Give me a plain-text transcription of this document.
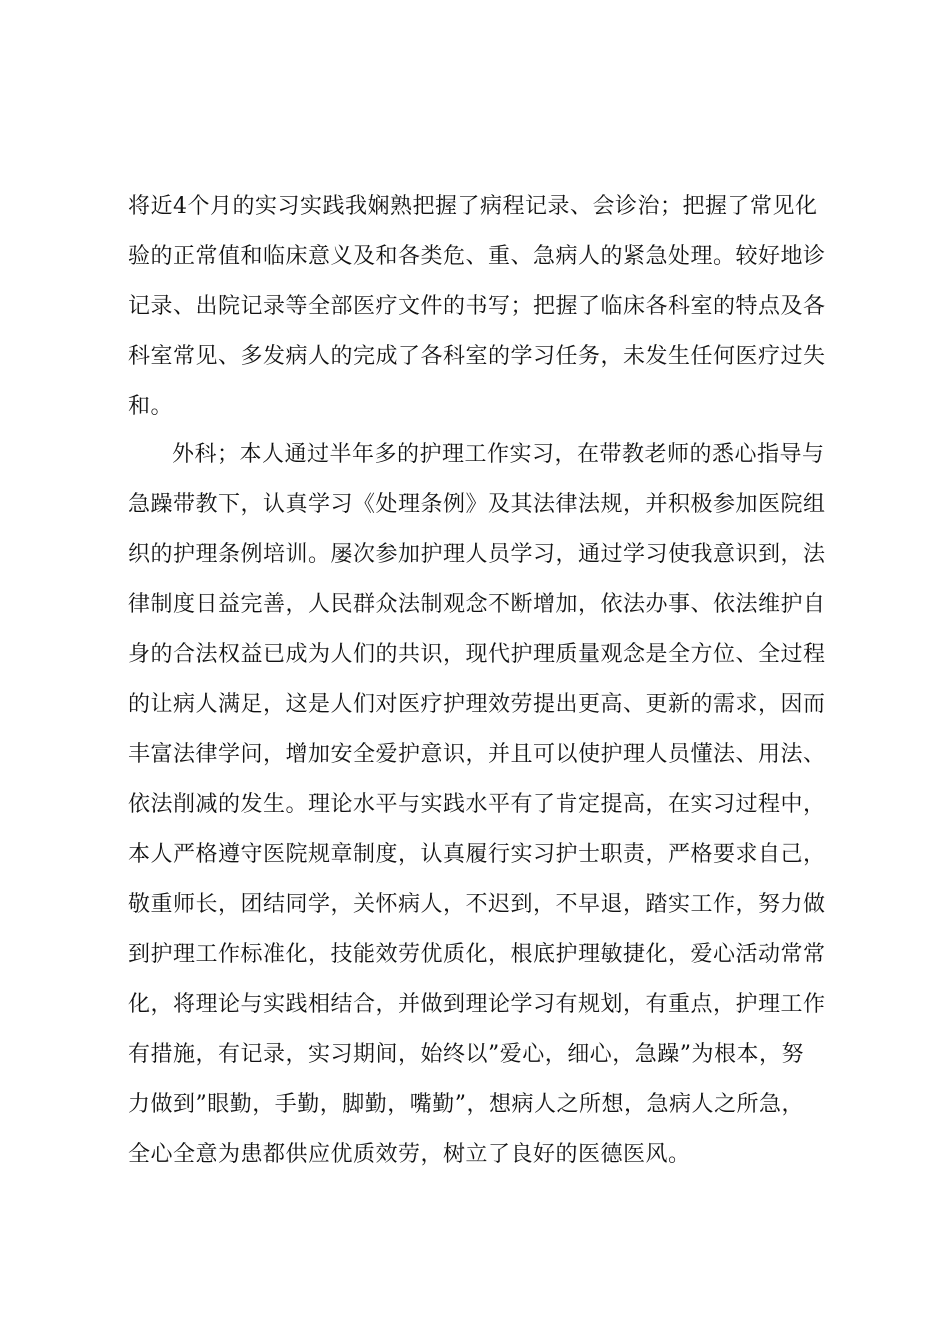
将近4个月的实习实践我娴熟把握了病程记录、会诊治；把握了常见化
验的正常值和临床意义及和各类危、重、急病人的紧急处理。较好地诊
记录、出院记录等全部医疗文件的书写；把握了临床各科室的特点及各
科室常见、多发病人的完成了各科室的学习任务，未发生任何医疗过失
和。
外科；本人通过半年多的护理工作实习，在带教老师的悉心指导与
急躁带教下，认真学习《处理条例》及其法律法规，并积极参加医院组
织的护理条例培训。屡次参加护理人员学习，通过学习使我意识到，法
律制度日益完善，人民群众法制观念不断增加，依法办事、依法维护自
身的合法权益已成为人们的共识，现代护理质量观念是全方位、全过程
的让病人满足，这是人们对医疗护理效劳提出更高、更新的需求，因而
丰富法律学问，增加安全爱护意识，并且可以使护理人员懂法、用法、
依法削减的发生。理论水平与实践水平有了肯定提高，在实习过程中，
本人严格遵守医院规章制度，认真履行实习护士职责，严格要求自己，
敬重师长，团结同学，关怀病人，不迟到，不早退，踏实工作，努力做
到护理工作标准化，技能效劳优质化，根底护理敏捷化，爱心活动常常
化，将理论与实践相结合，并做到理论学习有规划，有重点，护理工作
有措施，有记录，实习期间，始终以”爱心，细心，急躁”为根本，努
力做到”眼勤，手勤，脚勤，嘴勤”，想病人之所想，急病人之所急，
全心全意为患都供应优质效劳，树立了良好的医德医风。
